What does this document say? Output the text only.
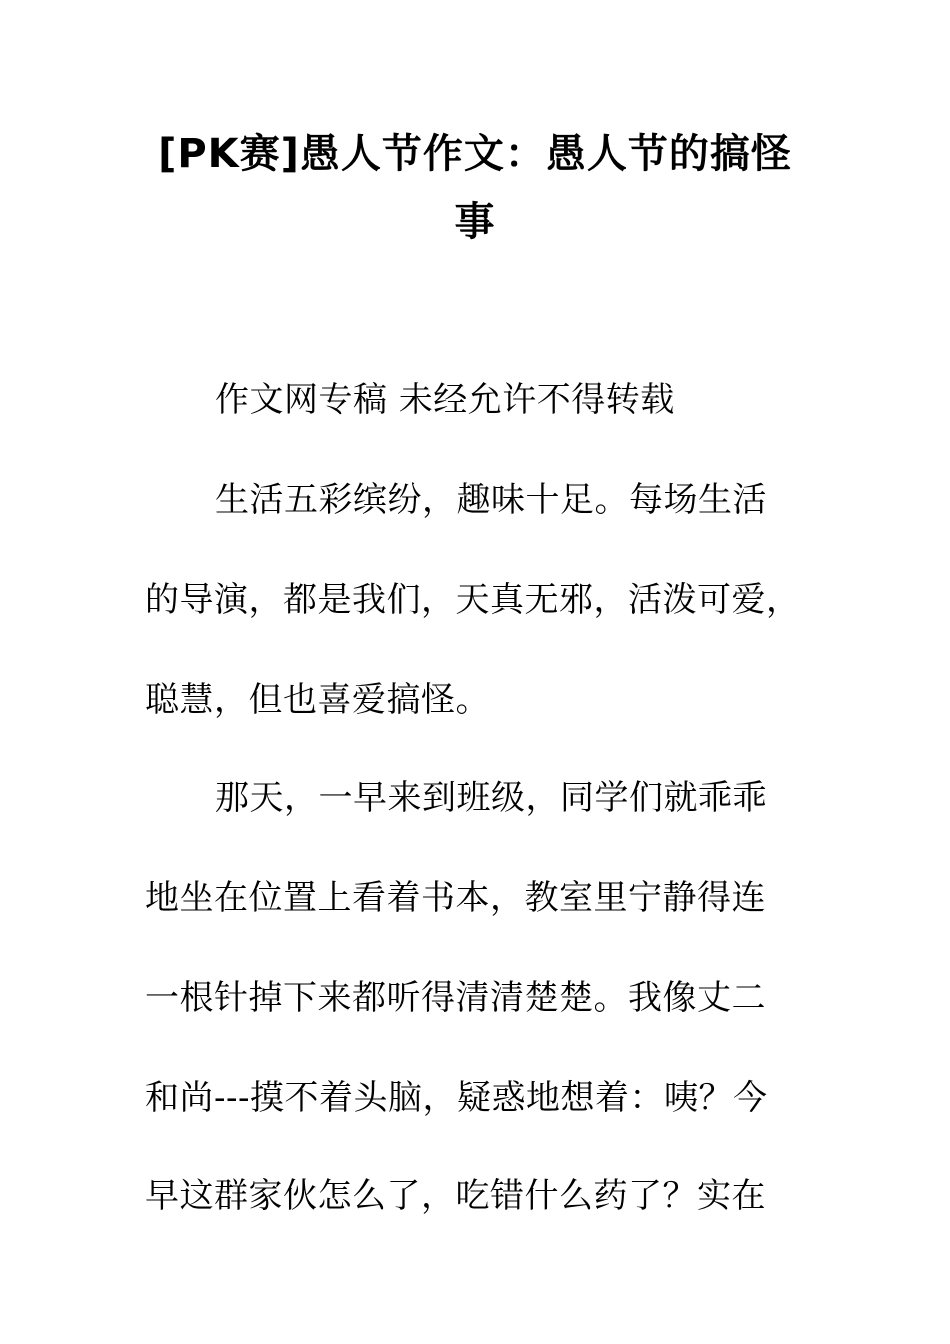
[PK赛]愚人节作文：愚人节的搞怪事
作文网专稿 未经允许不得转载
生活五彩缤纷，趣味十足。每场生活
的导演，都是我们，天真无邪，活泼可爱，
聪慧，但也喜爱搞怪。
那天，一早来到班级，同学们就乖乖
地坐在位置上看着书本，教室里宁静得连
一根针掉下来都听得清清楚楚。我像丈二
和尚---摸不着头脑，疑惑地想着：咦？今
早这群家伙怎么了，吃错什么药了？实在
